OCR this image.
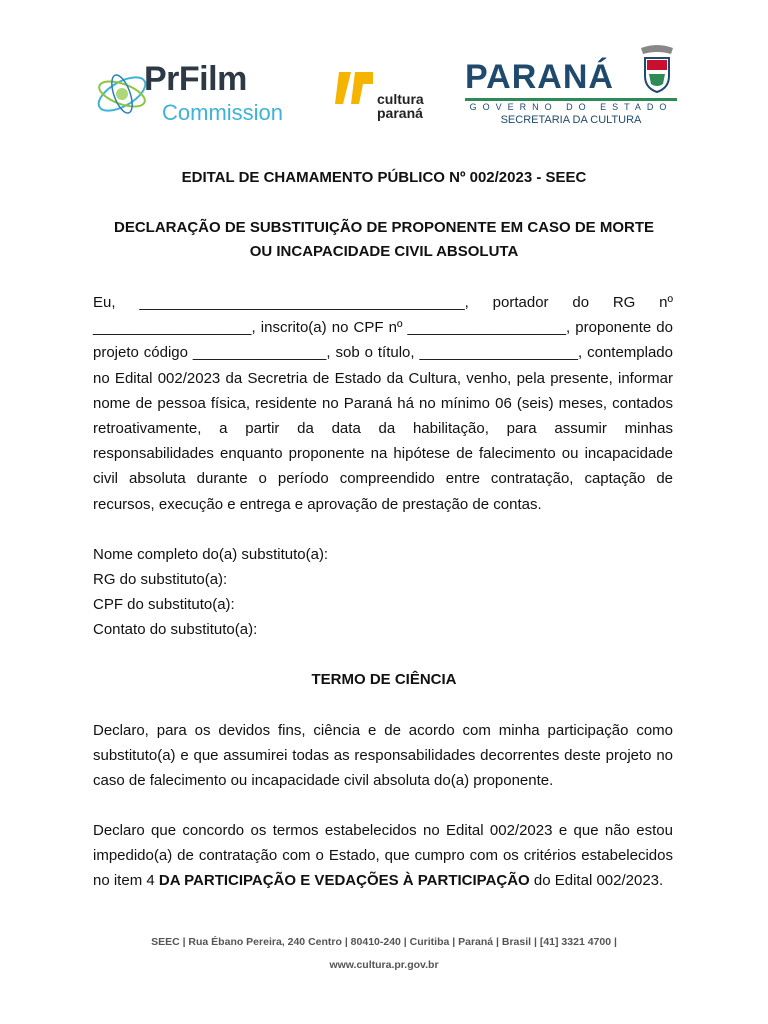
PrFilm
Commission
cultura
paraná
PARANÁ
GOVERNO DO ESTADO
SECRETARIA DA CULTURA
EDITAL DE CHAMAMENTO PÚBLICO Nº 002/2023 - SEEC
DECLARAÇÃO DE SUBSTITUIÇÃO DE PROPONENTE EM CASO DE MORTE
OU INCAPACIDADE CIVIL ABSOLUTA

Eu, _______________________________________, portador do RG nº ___________________, inscrito(a) no CPF nº ___________________, proponente do projeto código ________________, sob o título, ___________________, contemplado no Edital 002/2023 da Secretria de Estado da Cultura, venho, pela presente, informar nome de pessoa física, residente no Paraná há no mínimo 06 (seis) meses, contados retroativamente, a partir da data da habilitação, para assumir minhas responsabilidades enquanto proponente na hipótese de falecimento ou incapacidade civil absoluta durante o período compreendido entre contratação, captação de recursos, execução e entrega e aprovação de prestação de contas.

Nome completo do(a) substituto(a):
RG do substituto(a):
CPF do substituto(a):
Contato do substituto(a):
TERMO DE CIÊNCIA

Declaro, para os devidos fins, ciência e de acordo com minha participação como substituto(a) e que assumirei todas as responsabilidades decorrentes deste projeto no caso de falecimento ou incapacidade civil absoluta do(a) proponente.

Declaro que concordo os termos estabelecidos no Edital 002/2023 e que não estou impedido(a) de contratação com o Estado, que cumpro com os critérios estabelecidos no item 4 DA PARTICIPAÇÃO E VEDAÇÕES À PARTICIPAÇÃO do Edital 002/2023.

SEEC | Rua Ébano Pereira, 240 Centro | 80410-240 | Curitiba | Paraná | Brasil | [41] 3321 4700 |
www.cultura.pr.gov.br
